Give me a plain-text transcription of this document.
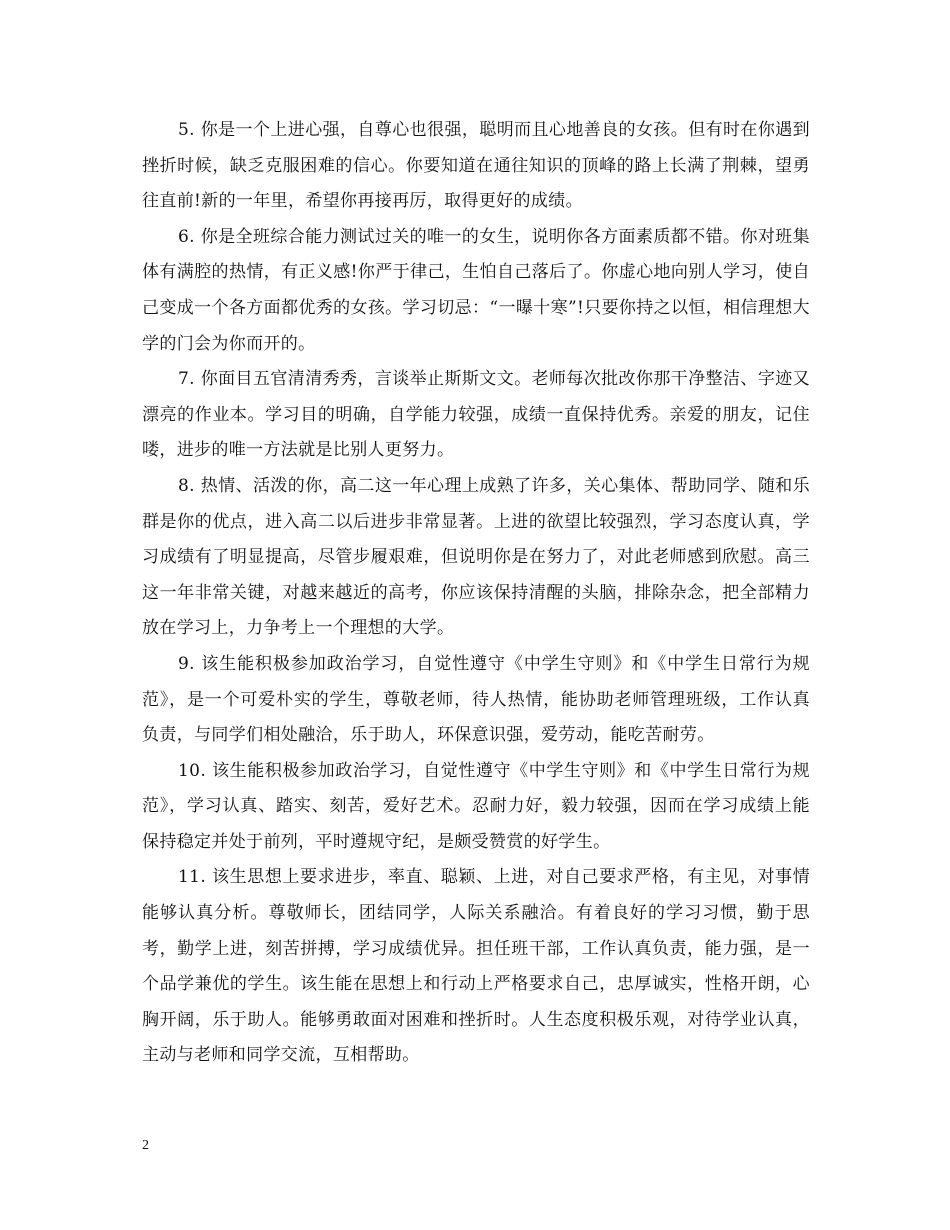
5. 你是一个上进心强，自尊心也很强，聪明而且心地善良的女孩。但有时在你遇到挫折时候，缺乏克服困难的信心。你要知道在通往知识的顶峰的路上长满了荆棘，望勇往直前!新的一年里，希望你再接再厉，取得更好的成绩。

6. 你是全班综合能力测试过关的唯一的女生，说明你各方面素质都不错。你对班集体有满腔的热情，有正义感!你严于律己，生怕自己落后了。你虚心地向别人学习，使自己变成一个各方面都优秀的女孩。学习切忌：“一曝十寒”!只要你持之以恒，相信理想大学的门会为你而开的。

7. 你面目五官清清秀秀，言谈举止斯斯文文。老师每次批改你那干净整洁、字迹又漂亮的作业本。学习目的明确，自学能力较强，成绩一直保持优秀。亲爱的朋友，记住喽，进步的唯一方法就是比别人更努力。

8. 热情、活泼的你，高二这一年心理上成熟了许多，关心集体、帮助同学、随和乐群是你的优点，进入高二以后进步非常显著。上进的欲望比较强烈，学习态度认真，学习成绩有了明显提高，尽管步履艰难，但说明你是在努力了，对此老师感到欣慰。高三这一年非常关键，对越来越近的高考，你应该保持清醒的头脑，排除杂念，把全部精力放在学习上，力争考上一个理想的大学。

9. 该生能积极参加政治学习，自觉性遵守《中学生守则》和《中学生日常行为规范》，是一个可爱朴实的学生，尊敬老师，待人热情，能协助老师管理班级，工作认真负责，与同学们相处融洽，乐于助人，环保意识强，爱劳动，能吃苦耐劳。

10. 该生能积极参加政治学习，自觉性遵守《中学生守则》和《中学生日常行为规范》，学习认真、踏实、刻苦，爱好艺术。忍耐力好，毅力较强，因而在学习成绩上能保持稳定并处于前列，平时遵规守纪，是颇受赞赏的好学生。

11. 该生思想上要求进步，率直、聪颖、上进，对自己要求严格，有主见，对事情能够认真分析。尊敬师长，团结同学，人际关系融洽。有着良好的学习习惯，勤于思考，勤学上进，刻苦拼搏，学习成绩优异。担任班干部，工作认真负责，能力强，是一个品学兼优的学生。该生能在思想上和行动上严格要求自己，忠厚诚实，性格开朗，心胸开阔，乐于助人。能够勇敢面对困难和挫折时。人生态度积极乐观，对待学业认真，主动与老师和同学交流，互相帮助。

2
